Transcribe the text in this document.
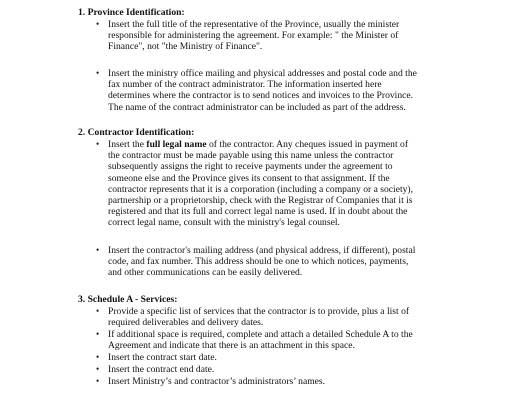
1. Province Identification:
• Insert the full title of the representative of the Province, usually the minister
responsible for administering the agreement. For example: " the Minister of
Finance", not "the Ministry of Finance".
• Insert the ministry office mailing and physical addresses and postal code and the
fax number of the contract administrator. The information inserted here
determines where the contractor is to send notices and invoices to the Province.
The name of the contract administrator can be included as part of the address.
2. Contractor Identification:
• Insert the full legal name of the contractor. Any cheques issued in payment of
the contractor must be made payable using this name unless the contractor
subsequently assigns the right to receive payments under the agreement to
someone else and the Province gives its consent to that assignment. If the
contractor represents that it is a corporation (including a company or a society),
partnership or a proprietorship, check with the Registrar of Companies that it is
registered and that its full and correct legal name is used. If in doubt about the
correct legal name, consult with the ministry's legal counsel.
• Insert the contractor's mailing address (and physical address, if different), postal
code, and fax number. This address should be one to which notices, payments,
and other communications can be easily delivered.
3. Schedule A - Services:
• Provide a specific list of services that the contractor is to provide, plus a list of
required deliverables and delivery dates.
• If additional space is required, complete and attach a detailed Schedule A to the
Agreement and indicate that there is an attachment in this space.
• Insert the contract start date.
• Insert the contract end date.
• Insert Ministry’s and contractor’s administrators’ names.
